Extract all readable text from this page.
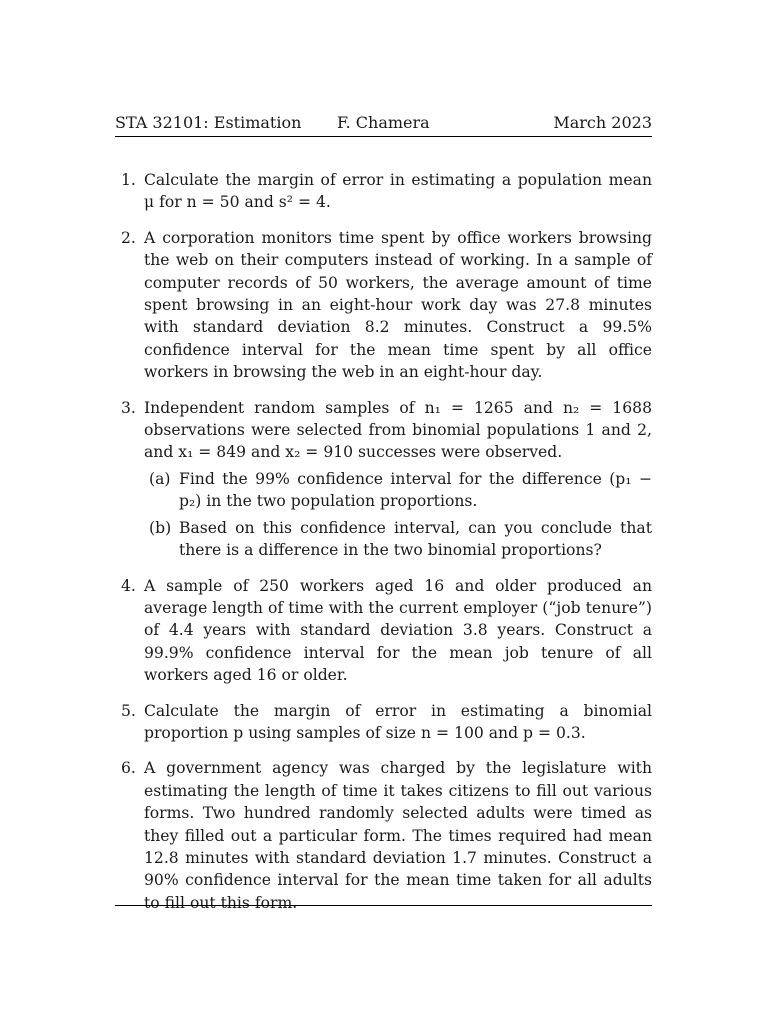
STA 32101: Estimation F. Chamera	March 2023
1. Calculate the margin of error in estimating a population mean μ for n = 50 and s² = 4.
2. A corporation monitors time spent by office workers browsing the web on their computers instead of working. In a sample of computer records of 50 workers, the average amount of time spent browsing in an eight-hour work day was 27.8 minutes with standard deviation 8.2 minutes. Construct a 99.5% confidence interval for the mean time spent by all office workers in browsing the web in an eight-hour day.
3. Independent random samples of n₁ = 1265 and n₂ = 1688 observations were selected from binomial populations 1 and 2, and x₁ = 849 and x₂ = 910 successes were observed.
(a) Find the 99% confidence interval for the difference (p₁ − p₂) in the two population proportions.
(b) Based on this confidence interval, can you conclude that there is a difference in the two binomial proportions?
4. A sample of 250 workers aged 16 and older produced an average length of time with the current employer (“job tenure”) of 4.4 years with standard deviation 3.8 years. Construct a 99.9% confidence interval for the mean job tenure of all workers aged 16 or older.
5. Calculate the margin of error in estimating a binomial proportion p using samples of size n = 100 and p = 0.3.
6. A government agency was charged by the legislature with estimating the length of time it takes citizens to fill out various forms. Two hundred randomly selected adults were timed as they filled out a particular form. The times required had mean 12.8 minutes with standard deviation 1.7 minutes. Construct a 90% confidence interval for the mean time taken for all adults to fill out this form.
